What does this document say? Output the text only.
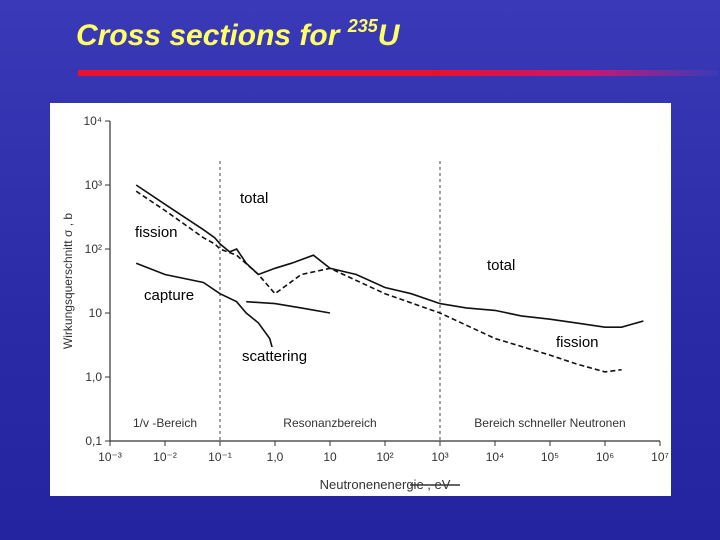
Cross sections for $^{235}$U
0,1
1,0
10
10²
10³
10⁴
10⁻³	10⁻²	10⁻¹	1,0	10	10²	10³	10⁴	10⁵	10⁶	10⁷
Wirkungsquerschnitt σ , b
Neutronenenergie , eV
1/v -Bereich	Resonanzbereich	Bereich schneller Neutronen
total
fission
total
capture
scattering
fission
